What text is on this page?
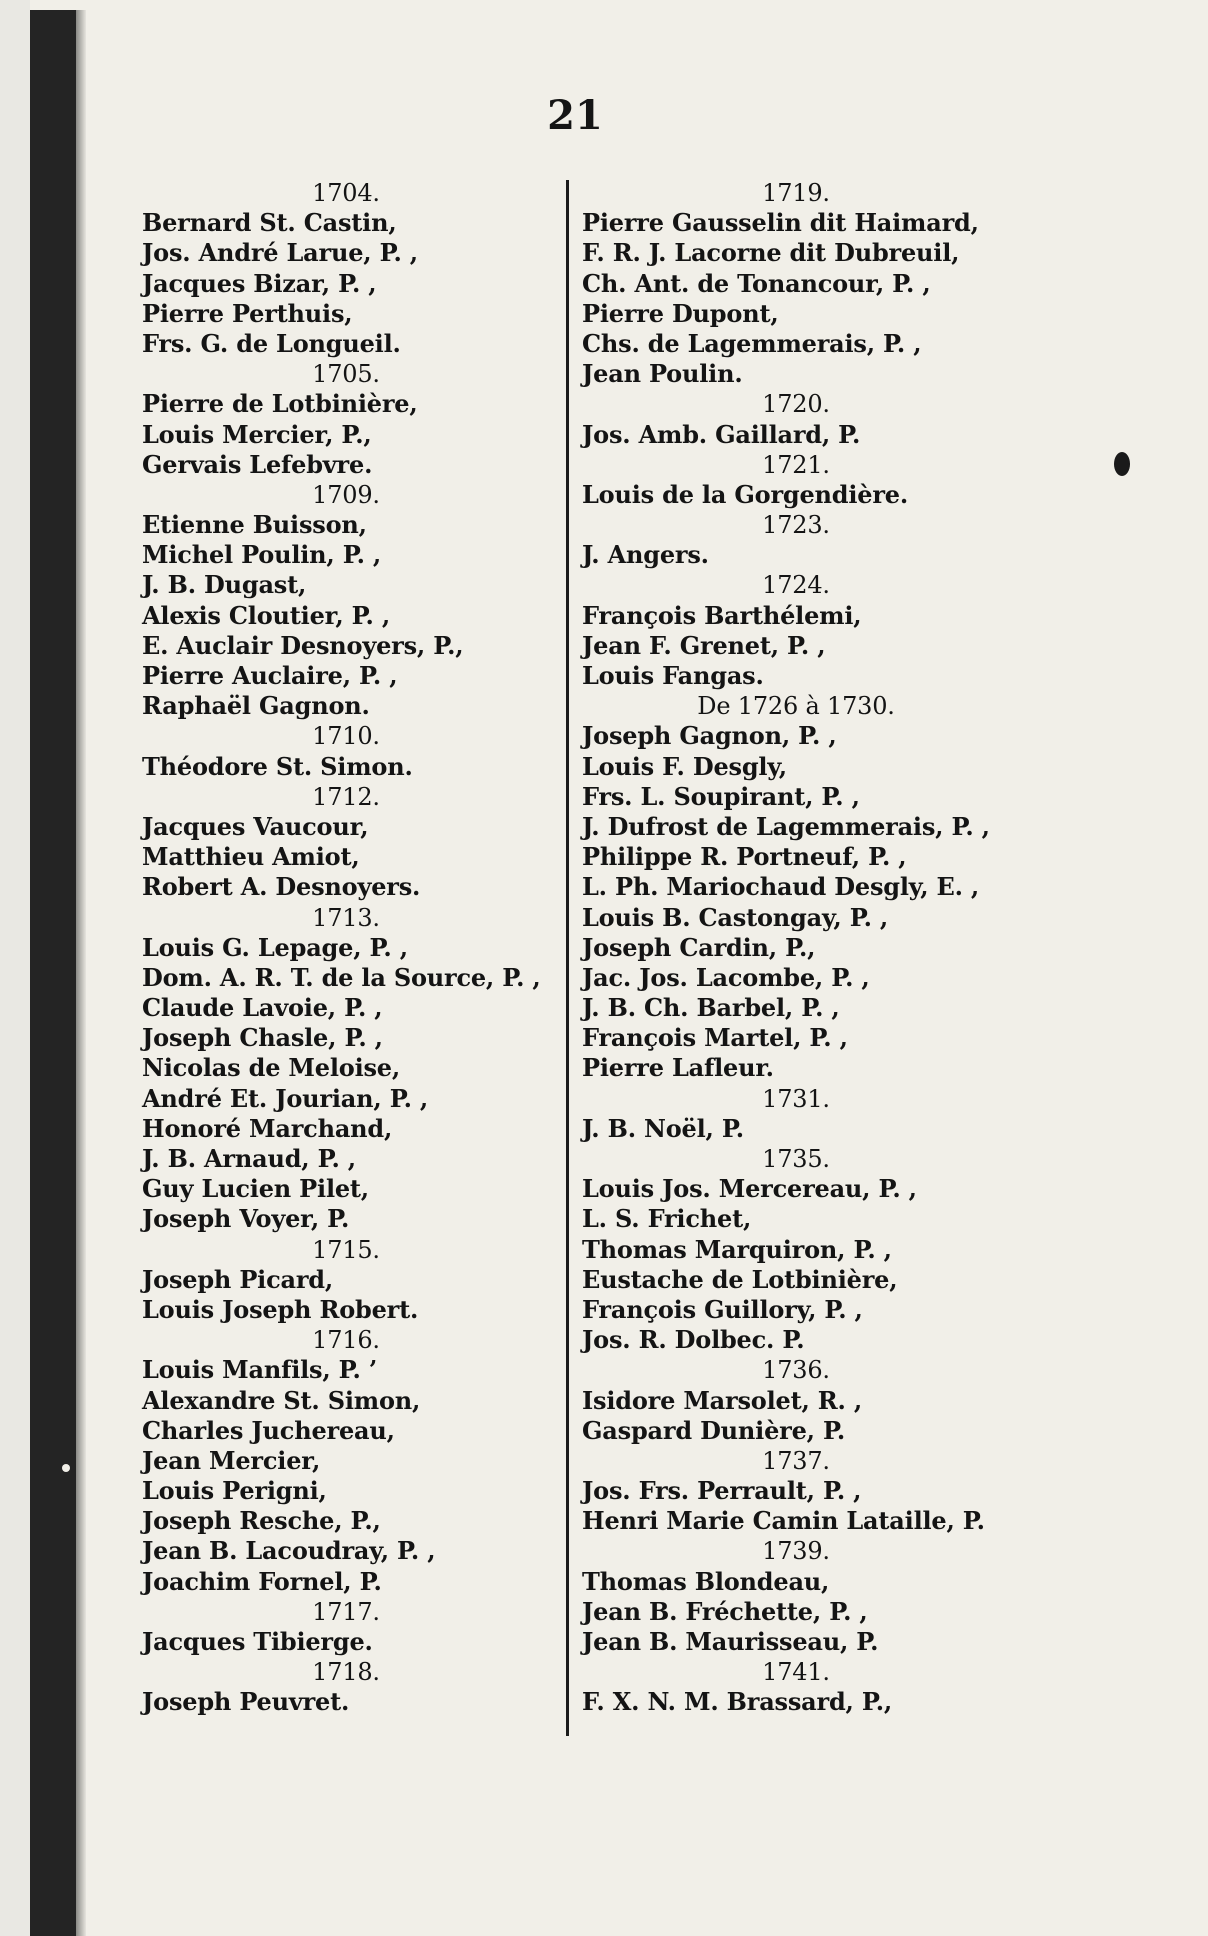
21
1704.
Bernard St. Castin,
Jos. André Larue, P. ,
Jacques Bizar, P. ,
Pierre Perthuis,
Frs. G. de Longueil.
1705.
Pierre de Lotbinière,
Louis Mercier, P.,
Gervais Lefebvre.
1709.
Etienne Buisson,
Michel Poulin, P. ,
J. B. Dugast,
Alexis Cloutier, P. ,
E. Auclair Desnoyers, P.,
Pierre Auclaire, P. ,
Raphaël Gagnon.
1710.
Théodore St. Simon.
1712.
Jacques Vaucour,
Matthieu Amiot,
Robert A. Desnoyers.
1713.
Louis G. Lepage, P. ,
Dom. A. R. T. de la Source, P. ,
Claude Lavoie, P. ,
Joseph Chasle, P. ,
Nicolas de Meloise,
André Et. Jourian, P. ,
Honoré Marchand,
J. B. Arnaud, P. ,
Guy Lucien Pilet,
Joseph Voyer, P.
1715.
Joseph Picard,
Louis Joseph Robert.
1716.
Louis Manfils, P. ’
Alexandre St. Simon,
Charles Juchereau,
Jean Mercier,
Louis Perigni,
Joseph Resche, P.,
Jean B. Lacoudray, P. ,
Joachim Fornel, P.
1717.
Jacques Tibierge.
1718.
Joseph Peuvret.
1719.
Pierre Gausselin dit Haimard,
F. R. J. Lacorne dit Dubreuil,
Ch. Ant. de Tonancour, P. ,
Pierre Dupont,
Chs. de Lagemmerais, P. ,
Jean Poulin.
1720.
Jos. Amb. Gaillard, P.
1721.
Louis de la Gorgendière.
1723.
J. Angers.
1724.
François Barthélemi,
Jean F. Grenet, P. ,
Louis Fangas.
De 1726 à 1730.
Joseph Gagnon, P. ,
Louis F. Desgly,
Frs. L. Soupirant, P. ,
J. Dufrost de Lagemmerais, P. ,
Philippe R. Portneuf, P. ,
L. Ph. Mariochaud Desgly, E. ,
Louis B. Castongay, P. ,
Joseph Cardin, P.,
Jac. Jos. Lacombe, P. ,
J. B. Ch. Barbel, P. ,
François Martel, P. ,
Pierre Lafleur.
1731.
J. B. Noël, P.
1735.
Louis Jos. Mercereau, P. ,
L. S. Frichet,
Thomas Marquiron, P. ,
Eustache de Lotbinière,
François Guillory, P. ,
Jos. R. Dolbec. P.
1736.
Isidore Marsolet, R. ,
Gaspard Dunière, P.
1737.
Jos. Frs. Perrault, P. ,
Henri Marie Camin Lataille, P.
1739.
Thomas Blondeau,
Jean B. Fréchette, P. ,
Jean B. Maurisseau, P.
1741.
F. X. N. M. Brassard, P.,
